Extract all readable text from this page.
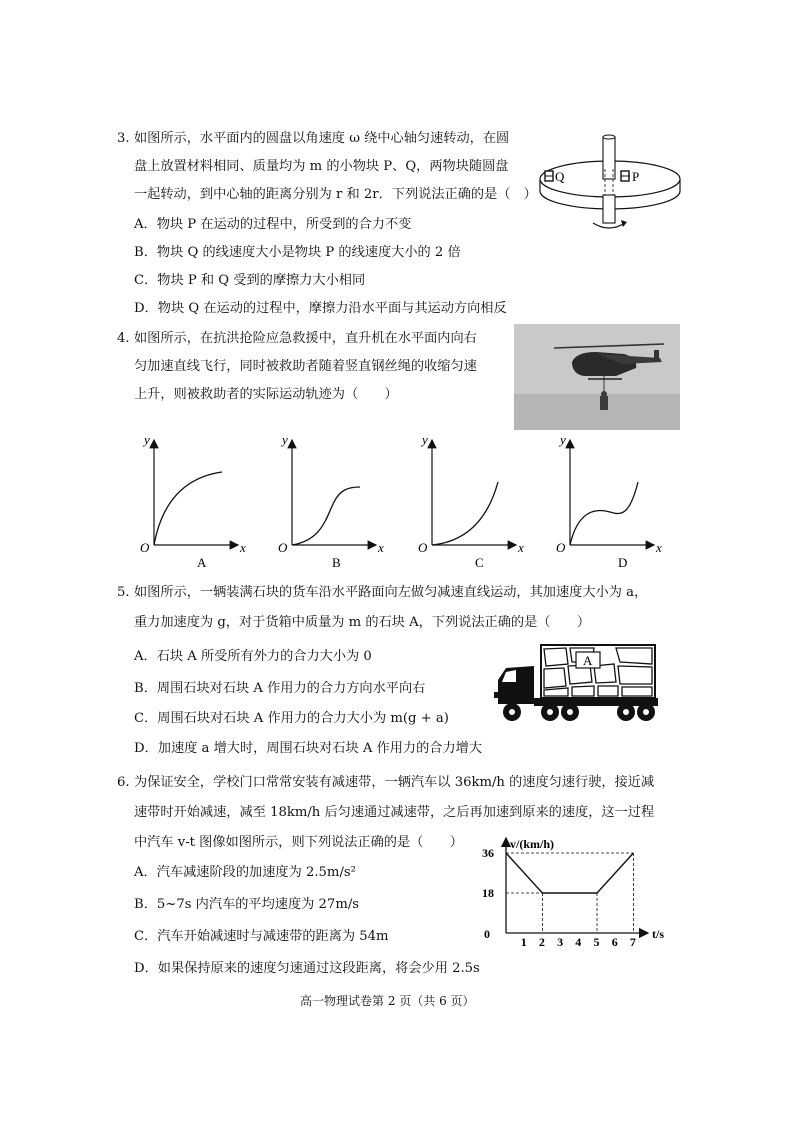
3. 如图所示，水平面内的圆盘以角速度 ω 绕中心轴匀速转动，在圆
盘上放置材料相同、质量均为 m 的小物块 P、Q，两物块随圆盘
一起转动，到中心轴的距离分别为 r 和 2r．下列说法正确的是（　）
A．物块 P 在运动的过程中，所受到的合力不变
B．物块 Q 的线速度大小是物块 P 的线速度大小的 2 倍
C．物块 P 和 Q 受到的摩擦力大小相同
D．物块 Q 在运动的过程中，摩擦力沿水平面与其运动方向相反
Q	P
4. 如图所示，在抗洪抢险应急救援中，直升机在水平面内向右
匀加速直线飞行，同时被救助者随着竖直钢丝绳的收缩匀速
上升，则被救助者的实际运动轨迹为（　　）
y
O	x
A
y
O	x
B
y
O	x
C
y
O	x
D
5. 如图所示，一辆装满石块的货车沿水平路面向左做匀减速直线运动，其加速度大小为 a，
重力加速度为 g，对于货箱中质量为 m 的石块 A，下列说法正确的是（　　）
A．石块 A 所受所有外力的合力大小为 0
B．周围石块对石块 A 作用力的合力方向水平向右
C．周围石块对石块 A 作用力的合力大小为 m(g + a)
D．加速度 a 增大时，周围石块对石块 A 作用力的合力增大
A
6. 为保证安全，学校门口常常安装有减速带，一辆汽车以 36km/h 的速度匀速行驶，接近减
速带时开始减速，减至 18km/h 后匀速通过减速带，之后再加速到原来的速度，这一过程
中汽车 v-t 图像如图所示，则下列说法正确的是（　　）
A．汽车减速阶段的加速度为 2.5m/s²
B．5~7s 内汽车的平均速度为 27m/s
C．汽车开始减速时与减速带的距离为 54m
D．如果保持原来的速度匀速通过这段距离，将会少用 2.5s
v/(km/h)
t/s
0
1 2 3 4 5 6 7
36
18
高一物理试卷第 2 页（共 6 页）
